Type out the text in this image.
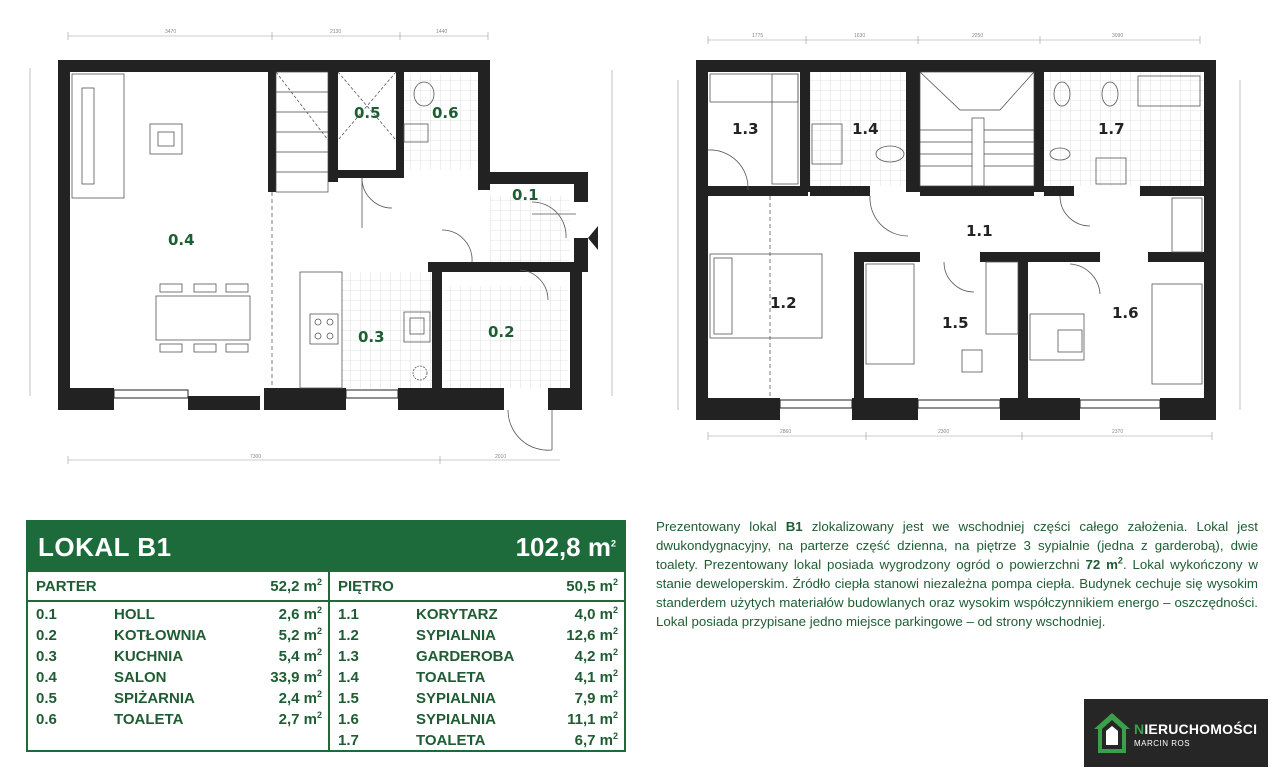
3470	2130	1440
7300	2010
0.4
0.5	0.6
0.1
0.3	0.2
1775	1630	2250	3090
2860	2300	2370
1.3	1.4	1.7
1.1
1.2
1.5
1.6
LOKAL B1	102,8 $m^2$
PARTER	52,2 $m^2$
0.1	HOLL	2,6 $m^2$
0.2	KOTŁOWNIA	5,2 $m^2$
0.3	KUCHNIA	5,4 $m^2$
0.4	SALON	33,9 $m^2$
0.5	SPIŻARNIA	2,4 $m^2$
0.6	TOALETA	2,7 $m^2$
PIĘTRO	50,5 $m^2$
1.1	KORYTARZ	4,0 $m^2$
1.2	SYPIALNIA	12,6 $m^2$
1.3	GARDEROBA	4,2 $m^2$
1.4	TOALETA	4,1 $m^2$
1.5	SYPIALNIA	7,9 $m^2$
1.6	SYPIALNIA	11,1 $m^2$
1.7	TOALETA	6,7 $m^2$
Prezentowany lokal B1 zlokalizowany jest we wschodniej części całego założenia. Lokal jest dwukondygnacyjny, na parterze część dzienna, na piętrze 3 sypialnie (jedna z garderobą), dwie toalety. Prezentowany lokal posiada wygrodzony ogród o powierzchni 72 $m^2$. Lokal wykończony w stanie deweloperskim. Źródło ciepła stanowi niezależna pompa ciepła. Budynek cechuje się wysokim standerdem użytych materiałów budowlanych oraz wysokim współczynnikiem energo – oszczędności. Lokal posiada przypisane jedno miejsce parkingowe – od strony wschodniej.
NIERUCHOMOŚCI
MARCIN ROS
